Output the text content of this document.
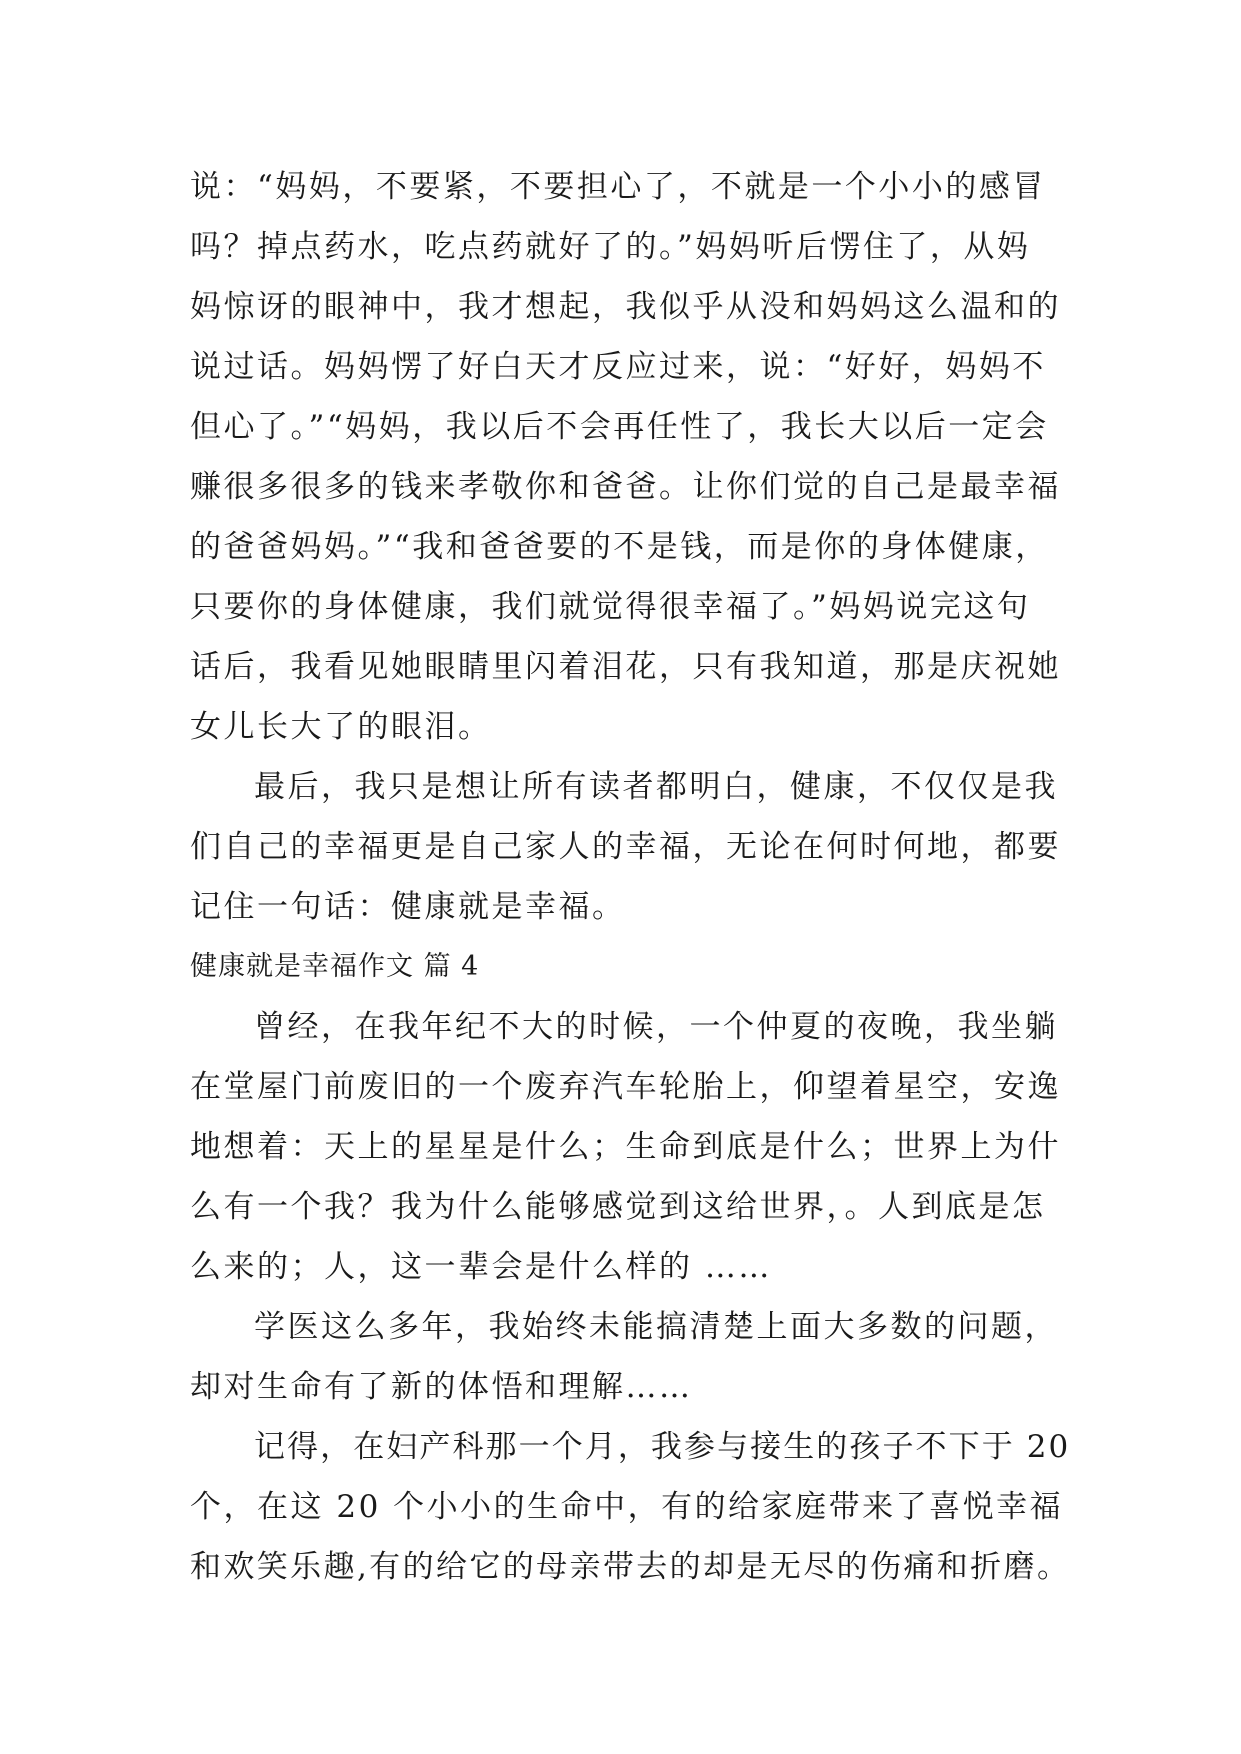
说：“妈妈，不要紧，不要担心了，不就是一个小小的感冒
吗？掉点药水，吃点药就好了的。”妈妈听后愣住了，从妈
妈惊讶的眼神中，我才想起，我似乎从没和妈妈这么温和的
说过话。妈妈愣了好白天才反应过来，说：“好好，妈妈不
但心了。”“妈妈，我以后不会再任性了，我长大以后一定会
赚很多很多的钱来孝敬你和爸爸。让你们觉的自己是最幸福
的爸爸妈妈。”“我和爸爸要的不是钱，而是你的身体健康，
只要你的身体健康，我们就觉得很幸福了。”妈妈说完这句
话后，我看见她眼睛里闪着泪花，只有我知道，那是庆祝她
女儿长大了的眼泪。
最后，我只是想让所有读者都明白，健康，不仅仅是我
们自己的幸福更是自己家人的幸福，无论在何时何地，都要
记住一句话：健康就是幸福。
健康就是幸福作文 篇 4
曾经，在我年纪不大的时候，一个仲夏的夜晚，我坐躺
在堂屋门前废旧的一个废弃汽车轮胎上，仰望着星空，安逸
地想着：天上的星星是什么；生命到底是什么；世界上为什
么有一个我？我为什么能够感觉到这给世界，。人到底是怎
么来的；人，这一辈会是什么样的 ……
学医这么多年，我始终未能搞清楚上面大多数的问题，
却对生命有了新的体悟和理解……
记得，在妇产科那一个月，我参与接生的孩子不下于 20
个，在这 20 个小小的生命中，有的给家庭带来了喜悦幸福
和欢笑乐趣,有的给它的母亲带去的却是无尽的伤痛和折磨。
